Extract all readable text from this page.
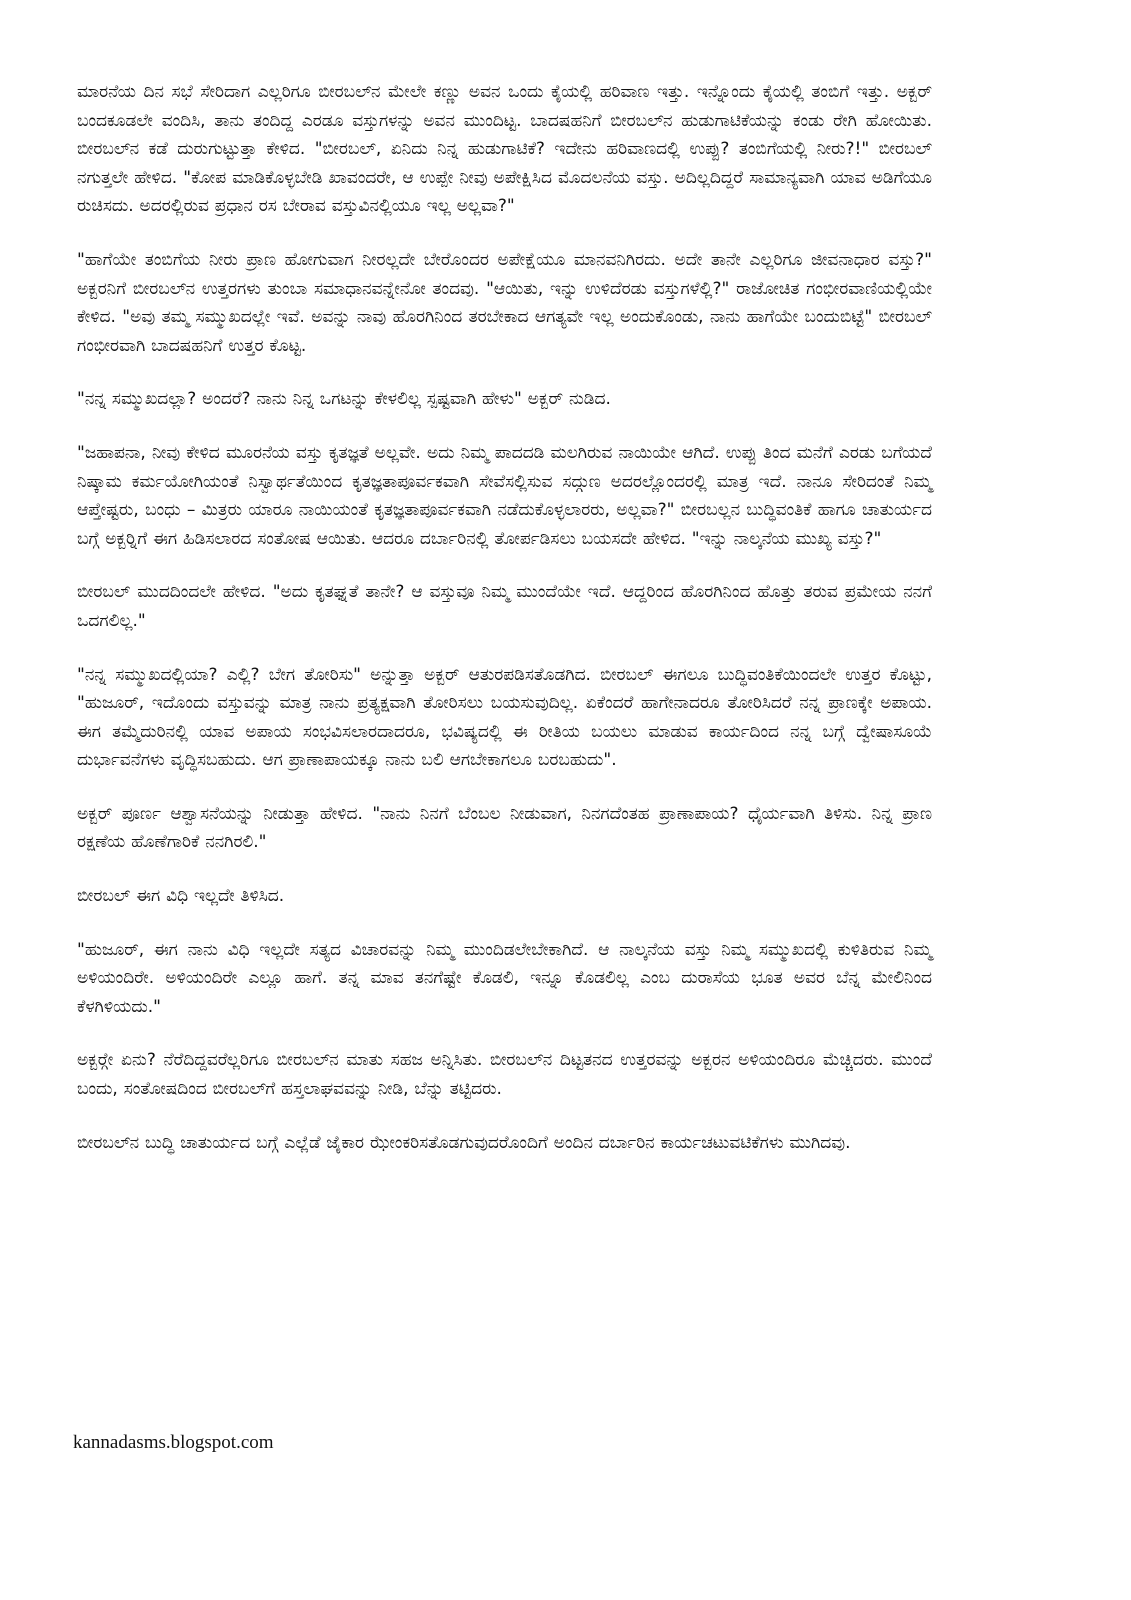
ಮಾರನೆಯ ದಿನ ಸಭೆ ಸೇರಿದಾಗ ಎಲ್ಲರಿಗೂ ಬೀರಬಲ್‍ನ ಮೇಲೇ ಕಣ್ಣು ಅವನ ಒಂದು ಕೈಯಲ್ಲಿ ಹರಿವಾಣ ಇತ್ತು. ಇನ್ನೊಂದು ಕೈಯಲ್ಲಿ ತಂಬಿಗೆ ಇತ್ತು. ಅಕ್ಬರ್ ಬಂದಕೂಡಲೇ ವಂದಿಸಿ, ತಾನು ತಂದಿದ್ದ ಎರಡೂ ವಸ್ತುಗಳನ್ನು ಅವನ ಮುಂದಿಟ್ಟ. ಬಾದಷಹನಿಗೆ ಬೀರಬಲ್‍ನ ಹುಡುಗಾಟಿಕೆಯನ್ನು ಕಂಡು ರೇಗಿ ಹೋಯಿತು. ಬೀರಬಲ್‍ನ ಕಡೆ ದುರುಗುಟ್ಟುತ್ತಾ ಕೇಳಿದ. "ಬೀರಬಲ್, ಏನಿದು ನಿನ್ನ ಹುಡುಗಾಟಿಕೆ? ಇದೇನು ಹರಿವಾಣದಲ್ಲಿ ಉಪ್ಪು? ತಂಬಿಗೆಯಲ್ಲಿ ನೀರು?!" ಬೀರಬಲ್ ನಗುತ್ತಲೇ ಹೇಳಿದ. "ಕೋಪ ಮಾಡಿಕೊಳ್ಳಬೇಡಿ ಖಾವಂದರೇ, ಆ ಉಪ್ಪೇ ನೀವು ಅಪೇಕ್ಷಿಸಿದ ಮೊದಲನೆಯ ವಸ್ತು. ಅದಿಲ್ಲದಿದ್ದರೆ ಸಾಮಾನ್ಯವಾಗಿ ಯಾವ ಅಡಿಗೆಯೂ ರುಚಿಸದು. ಅದರಲ್ಲಿರುವ ಪ್ರಧಾನ ರಸ ಬೇರಾವ ವಸ್ತುವಿನಲ್ಲಿಯೂ ಇಲ್ಲ ಅಲ್ಲವಾ?"

"ಹಾಗೆಯೇ ತಂಬಿಗೆಯ ನೀರು ಪ್ರಾಣ ಹೋಗುವಾಗ ನೀರಲ್ಲದೇ ಬೇರೊಂದರ ಅಪೇಕ್ಷೆಯೂ ಮಾನವನಿಗಿರದು. ಅದೇ ತಾನೇ ಎಲ್ಲರಿಗೂ ಜೀವನಾಧಾರ ವಸ್ತು?" ಅಕ್ಬರನಿಗೆ ಬೀರಬಲ್‍ನ ಉತ್ತರಗಳು ತುಂಬಾ ಸಮಾಧಾನವನ್ನೇನೋ ತಂದವು. "ಆಯಿತು, ಇನ್ನು ಉಳಿದೆರಡು ವಸ್ತುಗಳೆಲ್ಲಿ?" ರಾಜೋಚಿತ ಗಂಭೀರವಾಣಿಯಲ್ಲಿಯೇ ಕೇಳಿದ. "ಅವು ತಮ್ಮ ಸಮ್ಮುಖದಲ್ಲೇ ಇವೆ. ಅವನ್ನು ನಾವು ಹೊರಗಿನಿಂದ ತರಬೇಕಾದ ಆಗತ್ಯವೇ ಇಲ್ಲ ಅಂದುಕೊಂಡು, ನಾನು ಹಾಗೆಯೇ ಬಂದುಬಿಟ್ಟೆ" ಬೀರಬಲ್ ಗಂಭೀರವಾಗಿ ಬಾದಷಹನಿಗೆ ಉತ್ತರ ಕೊಟ್ಟ.

"ನನ್ನ ಸಮ್ಮುಖದಲ್ಲಾ? ಅಂದರೆ? ನಾನು ನಿನ್ನ ಒಗಟನ್ನು ಕೇಳಲಿಲ್ಲ ಸ್ಪಷ್ಟವಾಗಿ ಹೇಳು" ಅಕ್ಬರ್ ನುಡಿದ.

"ಜಹಾಪನಾ, ನೀವು ಕೇಳಿದ ಮೂರನೆಯ ವಸ್ತು ಕೃತಜ್ಞತೆ ಅಲ್ಲವೇ. ಅದು ನಿಮ್ಮ ಪಾದದಡಿ ಮಲಗಿರುವ ನಾಯಿಯೇ ಆಗಿದೆ. ಉಪ್ಪು ತಿಂದ ಮನೆಗೆ ಎರಡು ಬಗೆಯದೆ ನಿಷ್ಕಾಮ ಕರ್ಮಯೋಗಿಯಂತೆ ನಿಸ್ವಾರ್ಥತೆಯಿಂದ ಕೃತಜ್ಞತಾಪೂರ್ವಕವಾಗಿ ಸೇವೆಸಲ್ಲಿಸುವ ಸದ್ಗುಣ ಅದರಲ್ಲೊಂದರಲ್ಲಿ ಮಾತ್ರ ಇದೆ. ನಾನೂ ಸೇರಿದಂತೆ ನಿಮ್ಮ ಆಪ್ತೇಷ್ಟರು, ಬಂಧು – ಮಿತ್ರರು ಯಾರೂ ನಾಯಿಯಂತೆ ಕೃತಜ್ಞತಾಪೂರ್ವಕವಾಗಿ ನಡೆದುಕೊಳ್ಳಲಾರರು, ಅಲ್ಲವಾ?" ಬೀರಬಲ್ಲನ ಬುದ್ಧಿವಂತಿಕೆ ಹಾಗೂ ಚಾತುರ್ಯದ ಬಗ್ಗೆ ಅಕ್ಬರ್‍ನಿಗೆ ಈಗ ಹಿಡಿಸಲಾರದ ಸಂತೋಷ ಆಯಿತು. ಆದರೂ ದರ್ಬಾರಿನಲ್ಲಿ ತೋರ್ಪಡಿಸಲು ಬಯಸದೇ ಹೇಳಿದ. "ಇನ್ನು ನಾಲ್ಕನೆಯ ಮುಖ್ಯ ವಸ್ತು?"

ಬೀರಬಲ್ ಮುದದಿಂದಲೇ ಹೇಳಿದ. "ಅದು ಕೃತಘ್ನತೆ ತಾನೇ? ಆ ವಸ್ತುವೂ ನಿಮ್ಮ ಮುಂದೆಯೇ ಇದೆ. ಆದ್ದರಿಂದ ಹೊರಗಿನಿಂದ ಹೊತ್ತು ತರುವ ಪ್ರಮೇಯ ನನಗೆ ಒದಗಲಿಲ್ಲ."

"ನನ್ನ ಸಮ್ಮುಖದಲ್ಲಿಯಾ? ಎಲ್ಲಿ? ಬೇಗ ತೋರಿಸು" ಅನ್ನುತ್ತಾ ಅಕ್ಬರ್ ಆತುರಪಡಿಸತೊಡಗಿದ. ಬೀರಬಲ್ ಈಗಲೂ ಬುದ್ಧಿವಂತಿಕೆಯಿಂದಲೇ ಉತ್ತರ ಕೊಟ್ಟು, "ಹುಜೂರ್, ಇದೊಂದು ವಸ್ತುವನ್ನು ಮಾತ್ರ ನಾನು ಪ್ರತ್ಯಕ್ಷವಾಗಿ ತೋರಿಸಲು ಬಯಸುವುದಿಲ್ಲ. ಏಕೆಂದರೆ ಹಾಗೇನಾದರೂ ತೋರಿಸಿದರೆ ನನ್ನ ಪ್ರಾಣಕ್ಕೇ ಅಪಾಯ. ಈಗ ತಮ್ಮೆದುರಿನಲ್ಲಿ ಯಾವ ಅಪಾಯ ಸಂಭವಿಸಲಾರದಾದರೂ, ಭವಿಷ್ಯದಲ್ಲಿ ಈ ರೀತಿಯ ಬಯಲು ಮಾಡುವ ಕಾರ್ಯದಿಂದ ನನ್ನ ಬಗ್ಗೆ ದ್ವೇಷಾಸೂಯೆ ದುರ್ಭಾವನೆಗಳು ವೃದ್ಧಿಸಬಹುದು. ಆಗ ಪ್ರಾಣಾಪಾಯಕ್ಕೂ ನಾನು ಬಲಿ ಆಗಬೇಕಾಗಲೂ ಬರಬಹುದು".

ಅಕ್ಬರ್ ಪೂರ್ಣ ಆಶ್ವಾಸನೆಯನ್ನು ನೀಡುತ್ತಾ ಹೇಳಿದ. "ನಾನು ನಿನಗೆ ಬೆಂಬಲ ನೀಡುವಾಗ, ನಿನಗದೆಂತಹ ಪ್ರಾಣಾಪಾಯ? ಧೈರ್ಯವಾಗಿ ತಿಳಿಸು. ನಿನ್ನ ಪ್ರಾಣ ರಕ್ಷಣೆಯ ಹೊಣೆಗಾರಿಕೆ ನನಗಿರಲಿ."

ಬೀರಬಲ್ ಈಗ ವಿಧಿ ಇಲ್ಲದೇ ತಿಳಿಸಿದ.

"ಹುಜೂರ್, ಈಗ ನಾನು ವಿಧಿ ಇಲ್ಲದೇ ಸತ್ಯದ ವಿಚಾರವನ್ನು ನಿಮ್ಮ ಮುಂದಿಡಲೇಬೇಕಾಗಿದೆ. ಆ ನಾಲ್ಕನೆಯ ವಸ್ತು ನಿಮ್ಮ ಸಮ್ಮುಖದಲ್ಲಿ ಕುಳಿತಿರುವ ನಿಮ್ಮ ಅಳಿಯಂದಿರೇ. ಅಳಿಯಂದಿರೇ ಎಲ್ಲೂ ಹಾಗೆ. ತನ್ನ ಮಾವ ತನಗೆಷ್ಟೇ ಕೊಡಲಿ, ಇನ್ನೂ ಕೊಡಲಿಲ್ಲ ಎಂಬ ದುರಾಸೆಯ ಭೂತ ಅವರ ಬೆನ್ನ ಮೇಲಿನಿಂದ ಕೆಳಗಿಳಿಯದು."

ಅಕ್ಬರ್‍ಗೇ ಏನು? ನೆರೆದಿದ್ದವರೆಲ್ಲರಿಗೂ ಬೀರಬಲ್‍ನ ಮಾತು ಸಹಜ ಅನ್ನಿಸಿತು. ಬೀರಬಲ್‍ನ ದಿಟ್ಟತನದ ಉತ್ತರವನ್ನು ಅಕ್ಬರನ ಅಳಿಯಂದಿರೂ ಮೆಚ್ಚಿದರು. ಮುಂದೆ ಬಂದು, ಸಂತೋಷದಿಂದ ಬೀರಬಲ್‍ಗೆ ಹಸ್ತಲಾಘವವನ್ನು ನೀಡಿ, ಬೆನ್ನು ತಟ್ಟಿದರು.

ಬೀರಬಲ್‍ನ ಬುದ್ಧಿ ಚಾತುರ್ಯದ ಬಗ್ಗೆ ಎಲ್ಲೆಡೆ ಜೈಕಾರ ಝೇಂಕರಿಸತೊಡಗುವುದರೊಂದಿಗೆ ಅಂದಿನ ದರ್ಬಾರಿನ ಕಾರ್ಯಚಟುವಟಿಕೆಗಳು ಮುಗಿದವು.

kannadasms.blogspot.com
